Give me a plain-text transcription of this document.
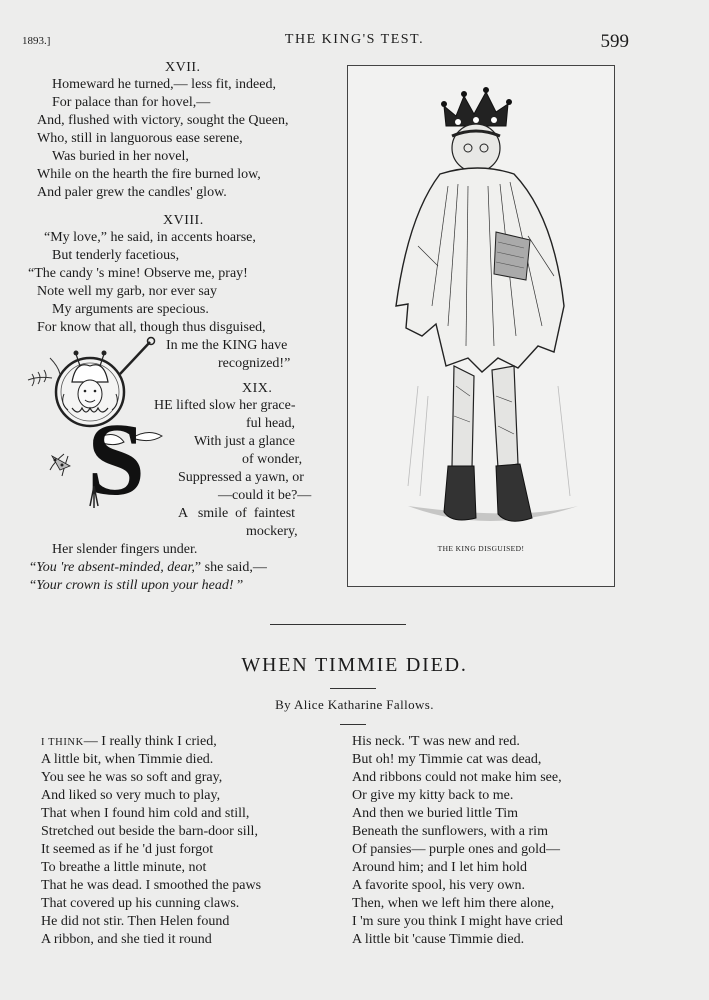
1893.]	THE KING'S TEST.	599
XVII.
Homeward he turned,— less fit, indeed,
For palace than for hovel,—
And, flushed with victory, sought the Queen,
Who, still in languorous ease serene,
Was buried in her novel,
While on the hearth the fire burned low,
And paler grew the candles' glow.
XVIII.
“My love,” he said, in accents hoarse,
But tenderly facetious,
“The candy 's mine! Observe me, pray!
Note well my garb, nor ever say
My arguments are specious.
For know that all, though thus disguised,
In me the KING have
recognized!”
S
XIX.
HE lifted slow her grace-
ful head,
With just a glance
of wonder,
Suppressed a yawn, or
—could it be?—
A   smile  of  faintest
mockery,
Her slender fingers under.
“You 're absent-minded, dear,” she said,—
“Your crown is still upon your head! ”
THE KING DISGUISED!
WHEN TIMMIE DIED.
By Alice Katharine Fallows.
I THINK— I really think I cried,
A little bit, when Timmie died.
You see he was so soft and gray,
And liked so very much to play,
That when I found him cold and still,
Stretched out beside the barn-door sill,
It seemed as if he 'd just forgot
To breathe a little minute, not
That he was dead. I smoothed the paws
That covered up his cunning claws.
He did not stir. Then Helen found
A ribbon, and she tied it round
His neck. 'T was new and red.
But oh! my Timmie cat was dead,
And ribbons could not make him see,
Or give my kitty back to me.
And then we buried little Tim
Beneath the sunflowers, with a rim
Of pansies— purple ones and gold—
Around him; and I let him hold
A favorite spool, his very own.
Then, when we left him there alone,
I 'm sure you think I might have cried
A little bit 'cause Timmie died.
